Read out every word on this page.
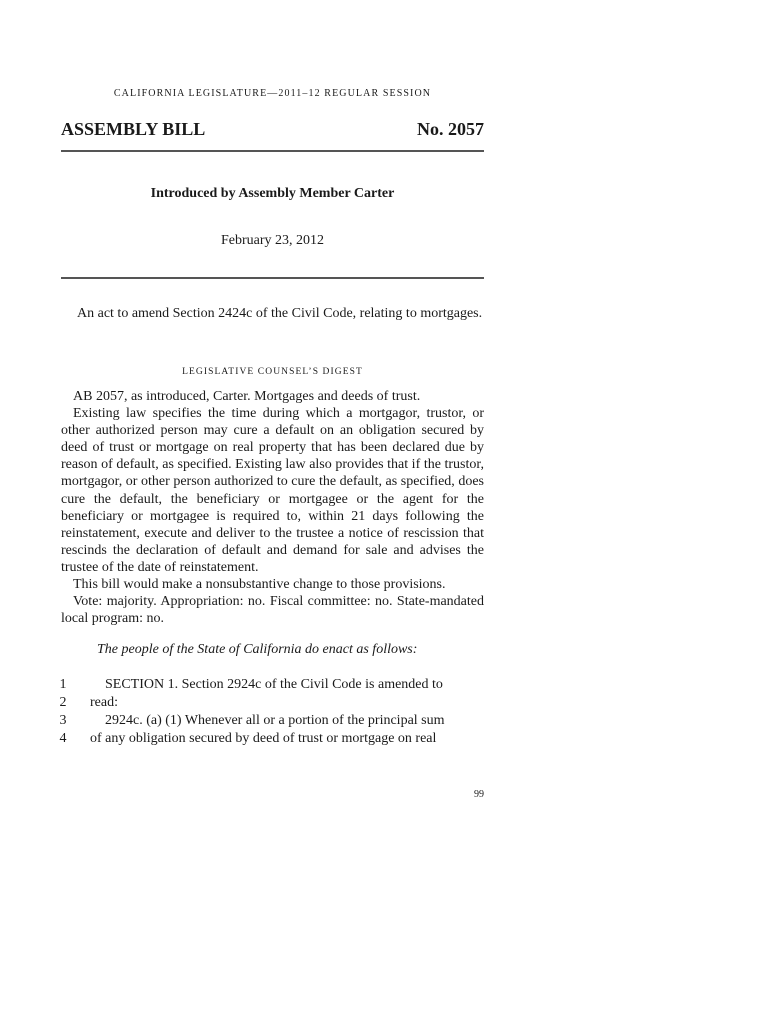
CALIFORNIA LEGISLATURE—2011–12 REGULAR SESSION
ASSEMBLY BILL	No. 2057
Introduced by Assembly Member Carter
February 23, 2012
An act to amend Section 2424c of the Civil Code, relating to mortgages.
LEGISLATIVE COUNSEL’S DIGEST

AB 2057, as introduced, Carter. Mortgages and deeds of trust.

Existing law specifies the time during which a mortgagor, trustor, or other authorized person may cure a default on an obligation secured by deed of trust or mortgage on real property that has been declared due by reason of default, as specified. Existing law also provides that if the trustor, mortgagor, or other person authorized to cure the default, as specified, does cure the default, the beneficiary or mortgagee or the agent for the beneficiary or mortgagee is required to, within 21 days following the reinstatement, execute and deliver to the trustee a notice of rescission that rescinds the declaration of default and demand for sale and advises the trustee of the date of reinstatement.

This bill would make a nonsubstantive change to those provisions.

Vote: majority. Appropriation: no. Fiscal committee: no. State-mandated local program: no.

The people of the State of California do enact as follows:
1	SECTION 1. Section 2924c of the Civil Code is amended to
2	read:
3	2924c. (a) (1) Whenever all or a portion of the principal sum
4	of any obligation secured by deed of trust or mortgage on real
99
